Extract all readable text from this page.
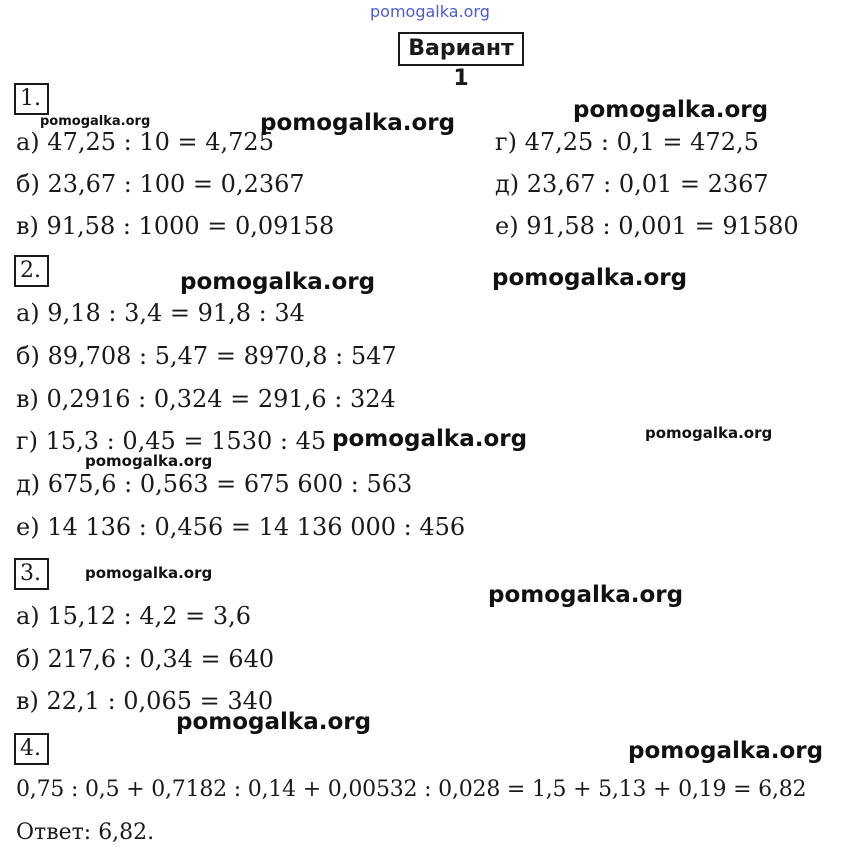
pomogalka.org
Вариант 1
1.
а) 47,25 : 10 = 4,725
б) 23,67 : 100 = 0,2367
в) 91,58 : 1000 = 0,09158
г) 47,25 : 0,1 = 472,5
д) 23,67 : 0,01 = 2367
е) 91,58 : 0,001 = 91580
2.
а) 9,18 : 3,4 = 91,8 : 34
б) 89,708 : 5,47 = 8970,8 : 547
в) 0,2916 : 0,324 = 291,6 : 324
г) 15,3 : 0,45 = 1530 : 45
д) 675,6 : 0,563 = 675 600 : 563
е) 14 136 : 0,456 = 14 136 000 : 456
3.
а) 15,12 : 4,2 = 3,6
б) 217,6 : 0,34 = 640
в) 22,1 : 0,065 = 340
4.
0,75 : 0,5 + 0,7182 : 0,14 + 0,00532 : 0,028 = 1,5 + 5,13 + 0,19 = 6,82
Ответ: 6,82.
pomogalka.org	pomogalka.org	pomogalka.org
pomogalka.org	pomogalka.org
pomogalka.org	pomogalka.org
pomogalka.org
pomogalka.org
pomogalka.org
pomogalka.org
pomogalka.org
